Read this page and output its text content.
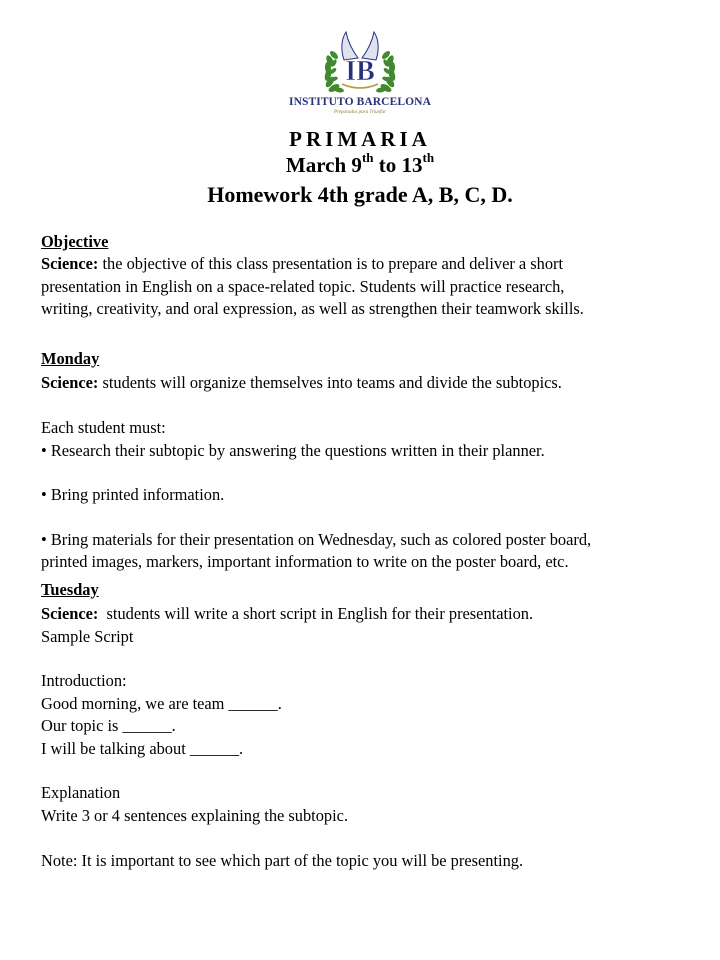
IB
INSTITUTO BARCELONA
Preparados para Triunfar
PRIMARIA
March 9th to 13th
Homework 4th grade A, B, C, D.
Objective
Science: the objective of this class presentation is to prepare and deliver a short
presentation in English on a space-related topic. Students will practice research,
writing, creativity, and oral expression, as well as strengthen their teamwork skills.
Monday
Science: students will organize themselves into teams and divide the subtopics.
Each student must:
• Research their subtopic by answering the questions written in their planner.
• Bring printed information.
• Bring materials for their presentation on Wednesday, such as colored poster board,
printed images, markers, important information to write on the poster board, etc.
Tuesday
Science:  students will write a short script in English for their presentation.
Sample Script
Introduction:
Good morning, we are team ______.
Our topic is ______.
I will be talking about ______.
Explanation
Write 3 or 4 sentences explaining the subtopic.
Note: It is important to see which part of the topic you will be presenting.
